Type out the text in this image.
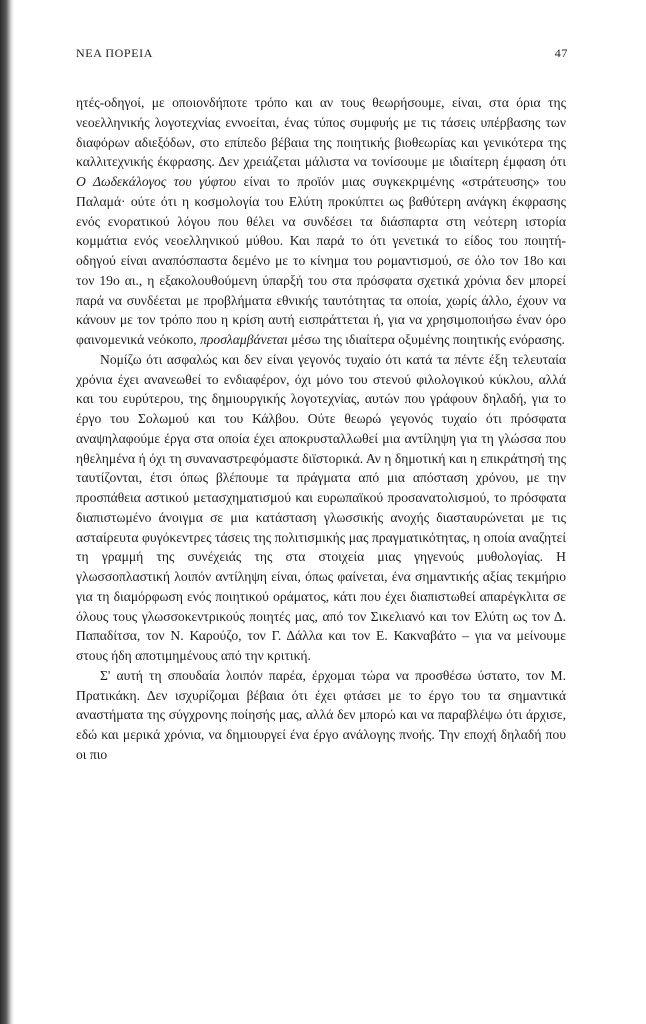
ΝΕΑ ΠΟΡΕΙΑ	47

ητές-οδηγοί, με οποιονδήποτε τρόπο και αν τους θεωρήσουμε, είναι, στα όρια της νεοελληνικής λογοτεχνίας εννοείται, ένας τύπος συμφυής με τις τάσεις υπέρβασης των διαφόρων αδιεξόδων, στο επίπεδο βέβαια της ποιητικής βιοθεωρίας και γενικότερα της καλλιτεχνικής έκφρασης. Δεν χρειάζεται μάλιστα να τονίσουμε με ιδιαίτερη έμφαση ότι Ο Δωδεκάλογος του γύφτου είναι το προϊόν μιας συγκεκριμένης «στράτευσης» του Παλαμά· ούτε ότι η κοσμολογία του Ελύτη προκύπτει ως βαθύτερη ανάγκη έκφρασης ενός ενορατικού λόγου που θέλει να συνδέσει τα διάσπαρτα στη νεότερη ιστορία κομμάτια ενός νεοελληνικού μύθου. Και παρά το ότι γενετικά το είδος του ποιητή-οδηγού είναι αναπόσπαστα δεμένο με το κίνημα του ρομαντισμού, σε όλο τον 18ο και τον 19ο αι., η εξακολουθούμενη ύπαρξή του στα πρόσφατα σχετικά χρόνια δεν μπορεί παρά να συνδέεται με προβλήματα εθνικής ταυτότητας τα οποία, χωρίς άλλο, έχουν να κάνουν με τον τρόπο που η κρίση αυτή εισπράττεται ή, για να χρησιμοποιήσω έναν όρο φαινομενικά νεόκοπο, προσλαμβάνεται μέσω της ιδιαίτερα οξυμένης ποιητικής ενόρασης.

Νομίζω ότι ασφαλώς και δεν είναι γεγονός τυχαίο ότι κατά τα πέντε έξη τελευταία χρόνια έχει ανανεωθεί το ενδιαφέρον, όχι μόνο του στενού φιλολογικού κύκλου, αλλά και του ευρύτερου, της δημιουργικής λογοτεχνίας, αυτών που γράφουν δηλαδή, για το έργο του Σολωμού και του Κάλβου. Ούτε θεωρώ γεγονός τυχαίο ότι πρόσφατα αναψηλαφούμε έργα στα οποία έχει αποκρυσταλλωθεί μια αντίληψη για τη γλώσσα που ηθελημένα ή όχι τη συναναστρεφόμαστε διϊστορικά. Αν η δημοτική και η επικράτησή της ταυτίζονται, έτσι όπως βλέπουμε τα πράγματα από μια απόσταση χρόνου, με την προσπάθεια αστικού μετασχηματισμού και ευρωπαϊκού προσανατολισμού, το πρόσφατα διαπιστωμένο άνοιγμα σε μια κατάσταση γλωσσικής ανοχής διασταυρώνεται με τις ασταίρευτα φυγόκεντρες τάσεις της πολιτισμικής μας πραγματικότητας, η οποία αναζητεί τη γραμμή της συνέχειάς της στα στοιχεία μιας γηγενούς μυθολογίας. Η γλωσσοπλαστική λοιπόν αντίληψη είναι, όπως φαίνεται, ένα σημαντικής αξίας τεκμήριο για τη διαμόρφωση ενός ποιητικού οράματος, κάτι που έχει διαπιστωθεί απαρέγκλιτα σε όλους τους γλωσσοκεντρικούς ποιητές μας, από τον Σικελιανό και τον Ελύτη ως τον Δ. Παπαδίτσα, τον Ν. Καρούζο, τον Γ. Δάλλα και τον Ε. Κακναβάτο – για να μείνουμε στους ήδη αποτιμημένους από την κριτική.

Σ' αυτή τη σπουδαία λοιπόν παρέα, έρχομαι τώρα να προσθέσω ύστατο, τον Μ. Πρατικάκη. Δεν ισχυρίζομαι βέβαια ότι έχει φτάσει με το έργο του τα σημαντικά αναστήματα της σύγχρονης ποίησής μας, αλλά δεν μπορώ και να παραβλέψω ότι άρχισε, εδώ και μερικά χρόνια, να δημιουργεί ένα έργο ανάλογης πνοής. Την εποχή δηλαδή που οι πιο
